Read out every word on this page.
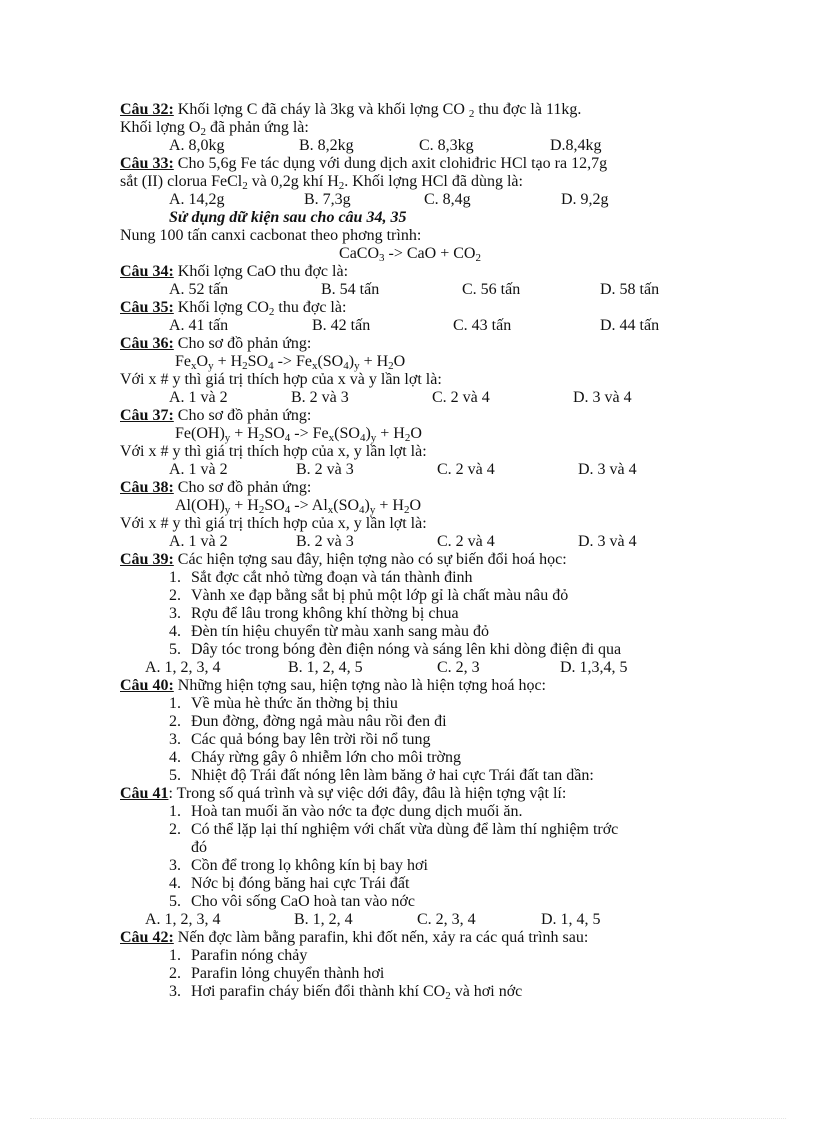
Câu 32: Khối lợng C đã cháy là 3kg và khối lợng CO $_2$ thu đợc là 11kg.
Khối lợng $O_2$ đã phản ứng là:
A. 8,0kg	B. 8,2kg	C. 8,3kg	D.8,4kg
Câu 33: Cho 5,6g Fe tác dụng với dung dịch axit clohiđric HCl tạo ra 12,7g
sắt (II) clorua FeCl$_2$ và 0,2g khí $H_2$. Khối lợng HCl đã dùng là:
A. 14,2g	B. 7,3g	C. 8,4g	D. 9,2g
Sử dụng dữ kiện sau cho câu 34, 35
Nung 100 tấn canxi cacbonat theo phơng trình:
CaCO$_3$ -> CaO + $CO_2$
Câu 34: Khối lợng CaO thu đợc là:
A. 52 tấn	B. 54 tấn	C. 56 tấn	D. 58 tấn
Câu 35: Khối lợng $CO_2$ thu đợc là:
A. 41 tấn	B. 42 tấn	C. 43 tấn	D. 44 tấn
Câu 36: Cho sơ đồ phản ứng:
$Fe_xO_y + H_2SO_4 -> Fe_x(SO_4)_y + H_2O$
Với x # y thì giá trị thích hợp của x và y lần lợt là:
A. 1 và 2	B. 2 và 3	C. 2 và 4	D. 3 và 4
Câu 37: Cho sơ đồ phản ứng:
$Fe(OH)_y + H_2SO_4 -> Fe_x(SO_4)_y + H_2O$
Với x # y thì giá trị thích hợp của x, y lần lợt là:
A. 1 và 2	B. 2 và 3	C. 2 và 4	D. 3 và 4
Câu 38: Cho sơ đồ phản ứng:
$Al(OH)_y + H_2SO_4 -> Al_x(SO_4)_y + H_2O$
Với x # y thì giá trị thích hợp của x, y lần lợt là:
A. 1 và 2	B. 2 và 3	C. 2 và 4	D. 3 và 4
Câu 39: Các hiện tợng sau đây, hiện tợng nào có sự biến đổi hoá học:
1. Sắt đợc cắt nhỏ từng đoạn và tán thành đinh
2. Vành xe đạp bằng sắt bị phủ một lớp gỉ là chất màu nâu đỏ
3. Rợu để lâu trong không khí thờng bị chua
4. Đèn tín hiệu chuyển từ màu xanh sang màu đỏ
5. Dây tóc trong bóng đèn điện nóng và sáng lên khi dòng điện đi qua
A. 1, 2, 3, 4	B. 1, 2, 4, 5	C. 2, 3	D. 1,3,4, 5
Câu 40: Những hiện tợng sau, hiện tợng nào là hiện tợng hoá học:
1. Về mùa hè thức ăn thờng bị thiu
2. Đun đờng, đờng ngả màu nâu rồi đen đi
3. Các quả bóng bay lên trời rồi nổ tung
4. Cháy rừng gây ô nhiễm lớn cho môi trờng
5. Nhiệt độ Trái đất nóng lên làm băng ở hai cực Trái đất tan dần:
Câu 41: Trong số quá trình và sự việc dới đây, đâu là hiện tợng vật lí:
1. Hoà tan muối ăn vào nớc ta đợc dung dịch muối ăn.
2. Có thể lặp lại thí nghiệm với chất vừa dùng để làm thí nghiệm trớc
đó
3. Cồn để trong lọ không kín bị bay hơi
4. Nớc bị đóng băng hai cực Trái đất
5. Cho vôi sống CaO hoà tan vào nớc
A. 1, 2, 3, 4	B. 1, 2, 4	C. 2, 3, 4	D. 1, 4, 5
Câu 42: Nến đợc làm bằng parafin, khi đốt nến, xảy ra các quá trình sau:
1. Parafin nóng chảy
2. Parafin lỏng chuyển thành hơi
3. Hơi parafin cháy biến đổi thành khí $CO_2$ và hơi nớc
